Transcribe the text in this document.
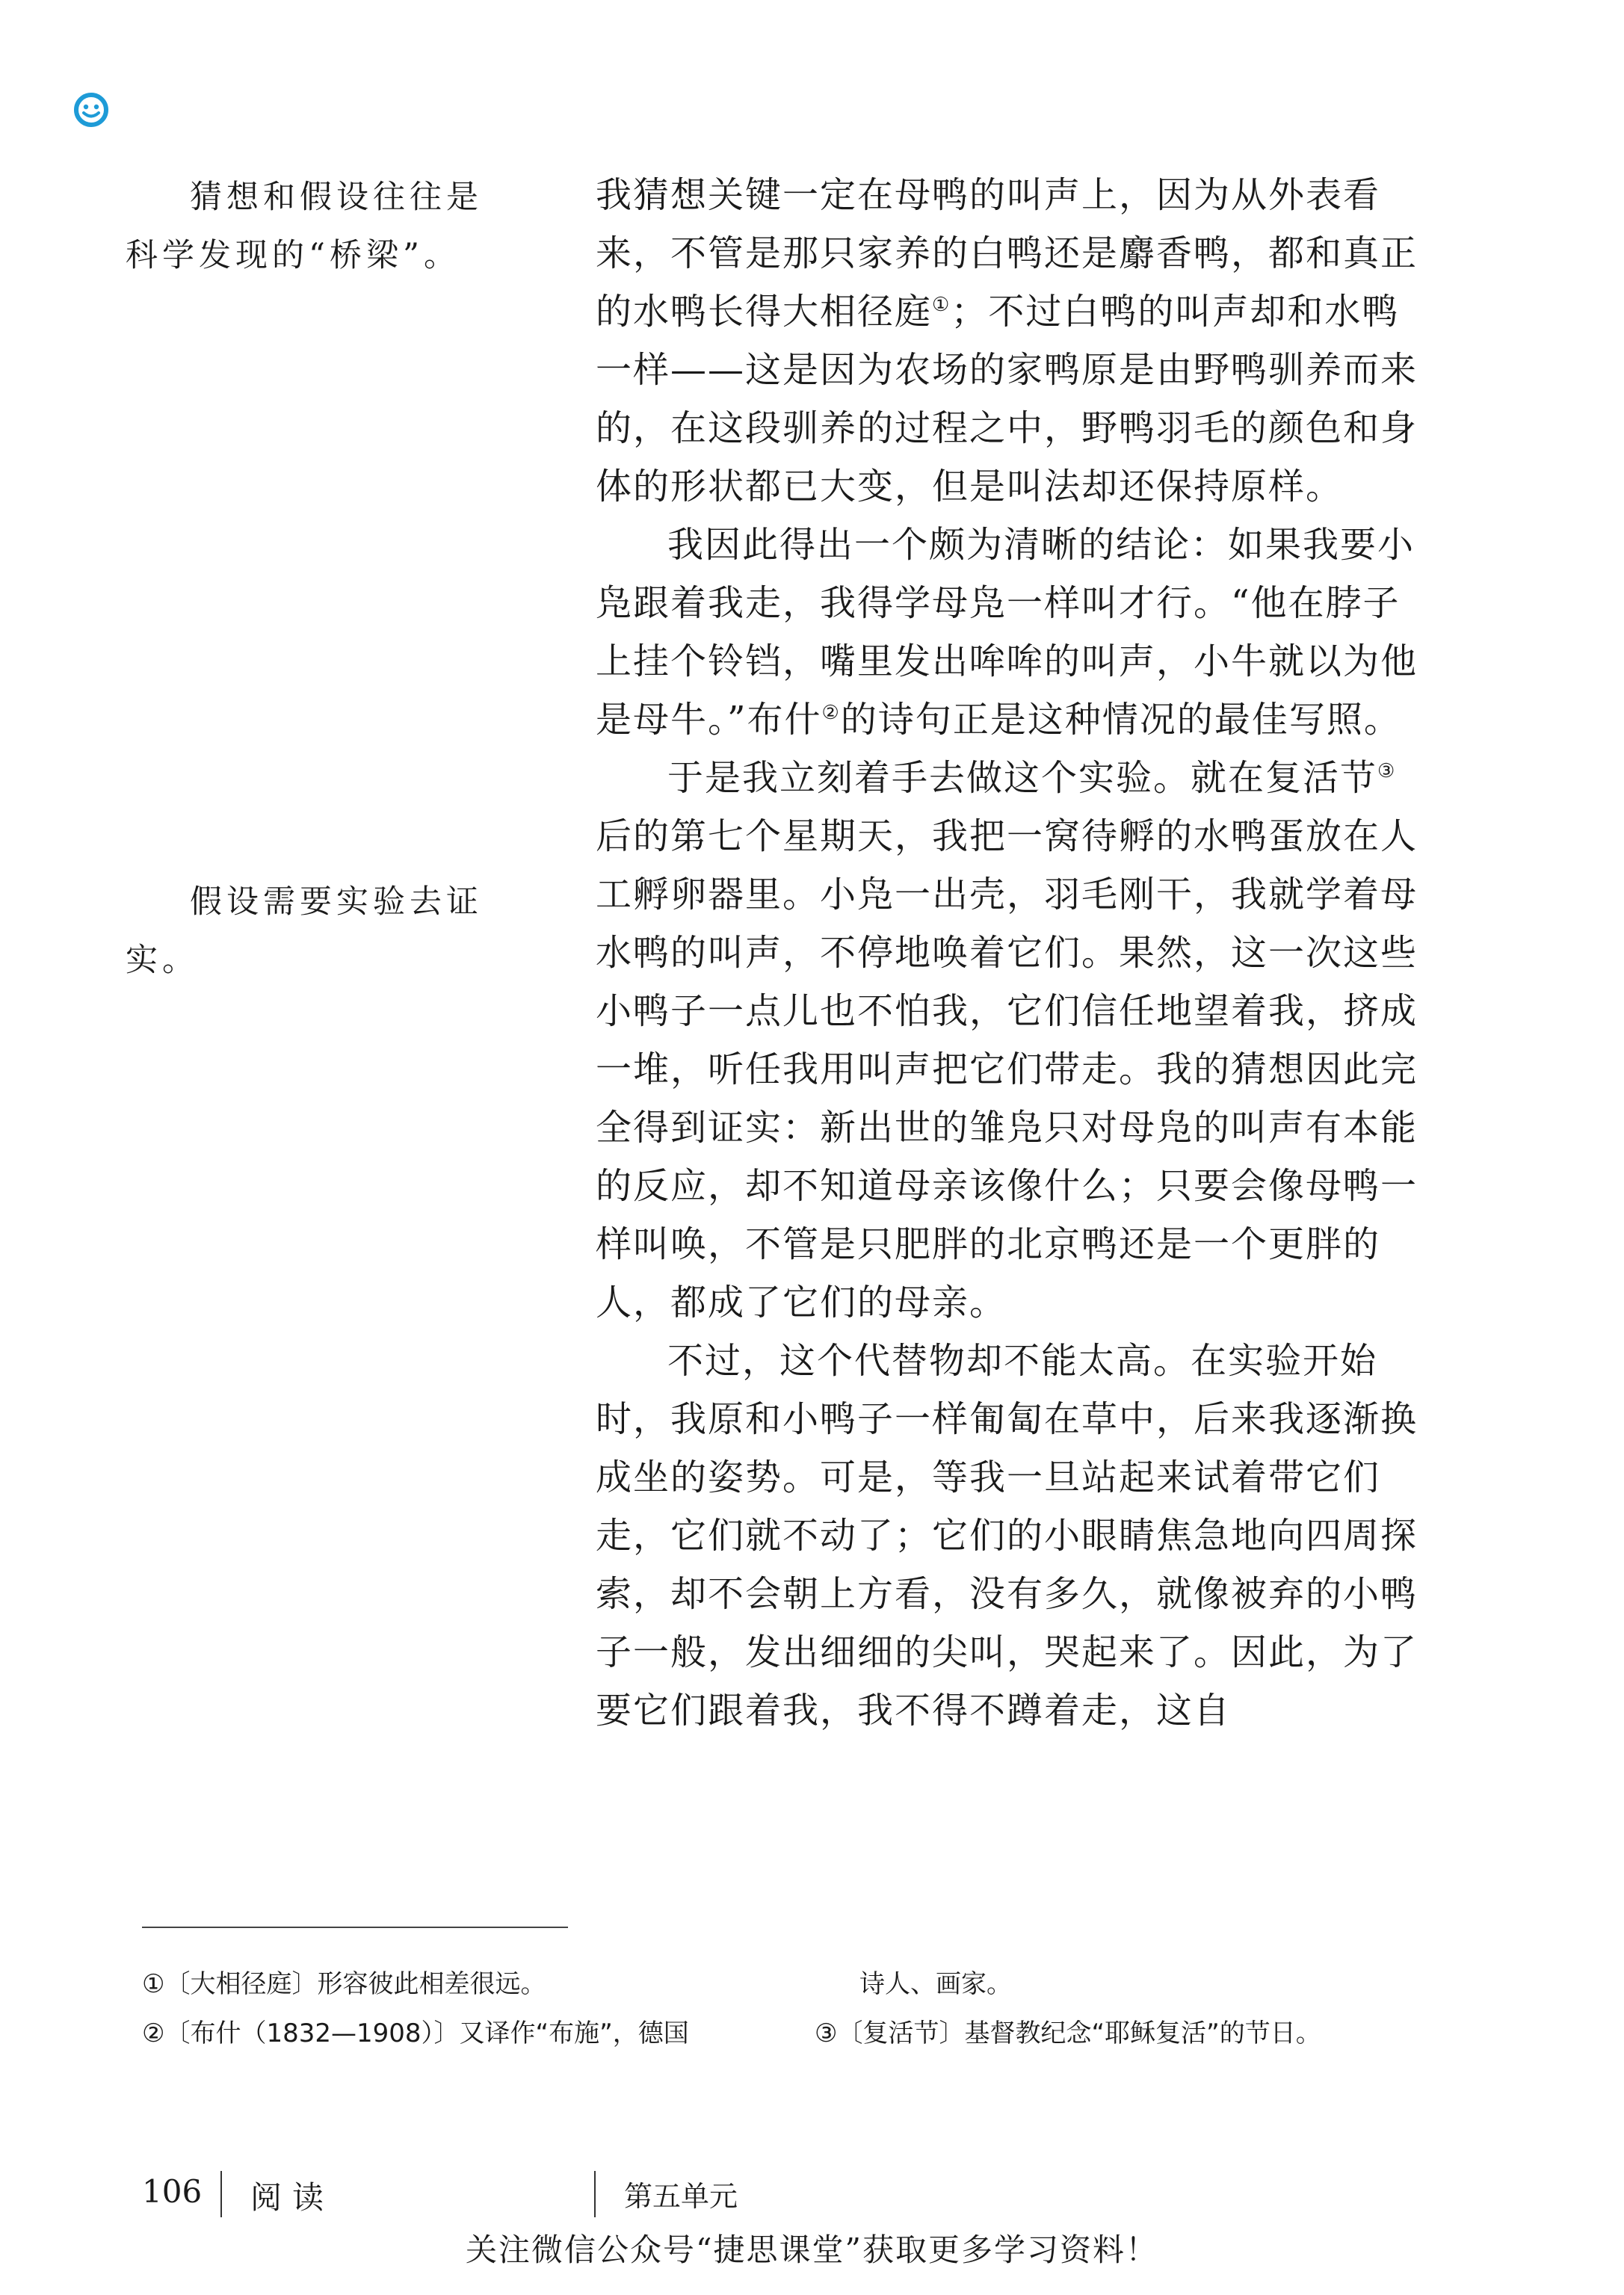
猜想和假设往往是科学发现的“桥梁”。
假设需要实验去证实。

我猜想关键一定在母鸭的叫声上，因为从外表看来，不管是那只家养的白鸭还是麝香鸭，都和真正的水鸭长得大相径庭①；不过白鸭的叫声却和水鸭一样——这是因为农场的家鸭原是由野鸭驯养而来的，在这段驯养的过程之中，野鸭羽毛的颜色和身体的形状都已大变，但是叫法却还保持原样。

我因此得出一个颇为清晰的结论：如果我要小凫跟着我走，我得学母凫一样叫才行。“他在脖子上挂个铃铛，嘴里发出哞哞的叫声，小牛就以为他是母牛。”布什②的诗句正是这种情况的最佳写照。

于是我立刻着手去做这个实验。就在复活节③后的第七个星期天，我把一窝待孵的水鸭蛋放在人工孵卵器里。小凫一出壳，羽毛刚干，我就学着母水鸭的叫声，不停地唤着它们。果然，这一次这些小鸭子一点儿也不怕我，它们信任地望着我，挤成一堆，听任我用叫声把它们带走。我的猜想因此完全得到证实：新出世的雏凫只对母凫的叫声有本能的反应，却不知道母亲该像什么；只要会像母鸭一样叫唤，不管是只肥胖的北京鸭还是一个更胖的人，都成了它们的母亲。

不过，这个代替物却不能太高。在实验开始时，我原和小鸭子一样匍匐在草中，后来我逐渐换成坐的姿势。可是，等我一旦站起来试着带它们走，它们就不动了；它们的小眼睛焦急地向四周探索，却不会朝上方看，没有多久，就像被弃的小鸭子一般，发出细细的尖叫，哭起来了。因此，为了要它们跟着我，我不得不蹲着走，这自

①〔大相径庭〕形容彼此相差很远。
②〔布什（1832—1908）〕又译作“布施”，德国
诗人、画家。
③〔复活节〕基督教纪念“耶稣复活”的节日。
106 阅读	第五单元
关注微信公众号“捷思课堂”获取更多学习资料！
